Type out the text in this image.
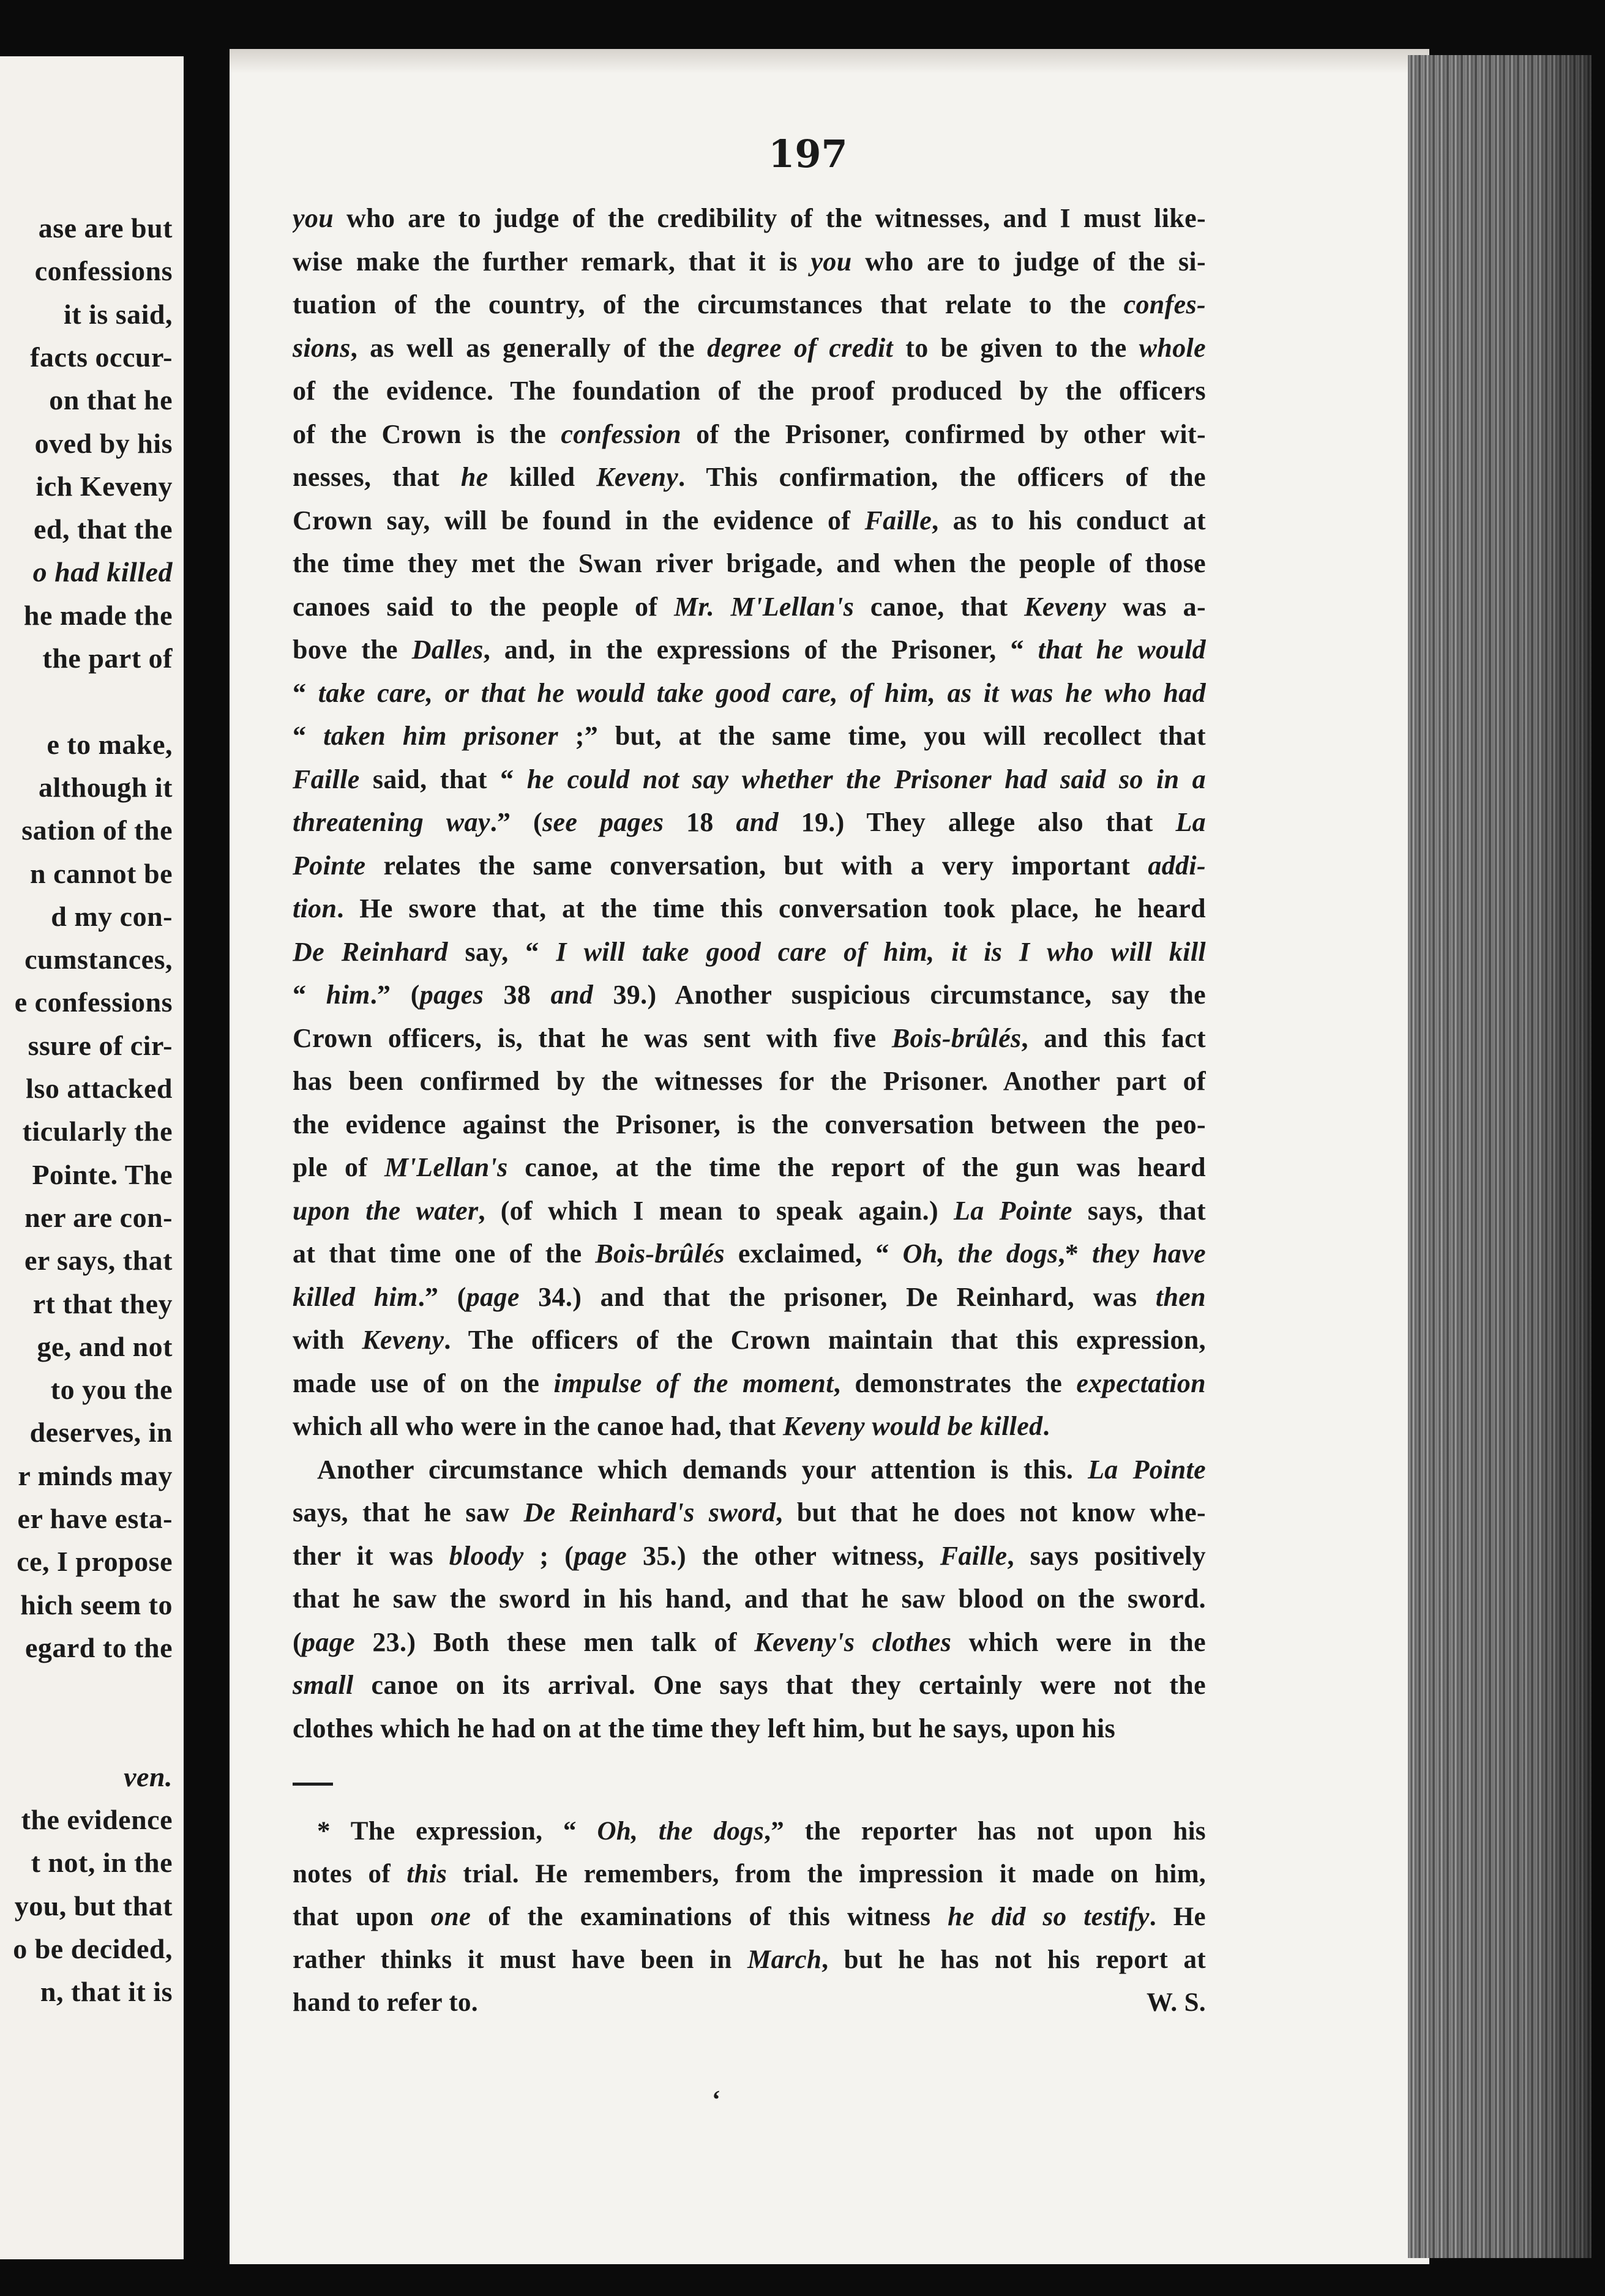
ase are but
confessions
it is said,
facts occur-
on that he
oved by his
ich Keveny
ed, that the
o had killed
he made the
the part of
e to make,
although it
sation of the
n cannot be
d my con-
cumstances,
e confessions
ssure of cir-
lso attacked
ticularly the
Pointe. The
ner are con-
er says, that
rt that they
ge, and not
to you the
deserves, in
r minds may
er have esta-
ce, I propose
hich seem to
egard to the
ven.
the evidence
t not, in the
you, but that
o be decided,
n, that it is
197
you who are to judge of the credibility of the witnesses, and I must like-
wise make the further remark, that it is you who are to judge of the si-
tuation of the country, of the circumstances that relate to the confes-
sions, as well as generally of the degree of credit to be given to the whole
of the evidence. The foundation of the proof produced by the officers
of the Crown is the confession of the Prisoner, confirmed by other wit-
nesses, that he killed Keveny. This confirmation, the officers of the
Crown say, will be found in the evidence of Faille, as to his conduct at
the time they met the Swan river brigade, and when the people of those
canoes said to the people of Mr. M'Lellan's canoe, that Keveny was a-
bove the Dalles, and, in the expressions of the Prisoner, “ that he would
“ take care, or that he would take good care, of him, as it was he who had
“ taken him prisoner ;” but, at the same time, you will recollect that
Faille said, that “ he could not say whether the Prisoner had said so in a
threatening way.” (see pages 18 and 19.) They allege also that La
Pointe relates the same conversation, but with a very important addi-
tion. He swore that, at the time this conversation took place, he heard
De Reinhard say, “ I will take good care of him, it is I who will kill
“ him.” (pages 38 and 39.) Another suspicious circumstance, say the
Crown officers, is, that he was sent with five Bois-brûlés, and this fact
has been confirmed by the witnesses for the Prisoner. Another part of
the evidence against the Prisoner, is the conversation between the peo-
ple of M'Lellan's canoe, at the time the report of the gun was heard
upon the water, (of which I mean to speak again.) La Pointe says, that
at that time one of the Bois-brûlés exclaimed, “ Oh, the dogs,* they have
killed him.” (page 34.) and that the prisoner, De Reinhard, was then
with Keveny. The officers of the Crown maintain that this expression,
made use of on the impulse of the moment, demonstrates the expectation
which all who were in the canoe had, that Keveny would be killed.
Another circumstance which demands your attention is this. La Pointe
says, that he saw De Reinhard's sword, but that he does not know whe-
ther it was bloody ; (page 35.) the other witness, Faille, says positively
that he saw the sword in his hand, and that he saw blood on the sword.
(page 23.) Both these men talk of Keveny's clothes which were in the
small canoe on its arrival. One says that they certainly were not the
clothes which he had on at the time they left him, but he says, upon his
* The expression, “ Oh, the dogs,” the reporter has not upon his
notes of this trial. He remembers, from the impression it made on him,
that upon one of the examinations of this witness he did so testify. He
rather thinks it must have been in March, but he has not his report at
hand to refer to.	W. S.
ʻ
